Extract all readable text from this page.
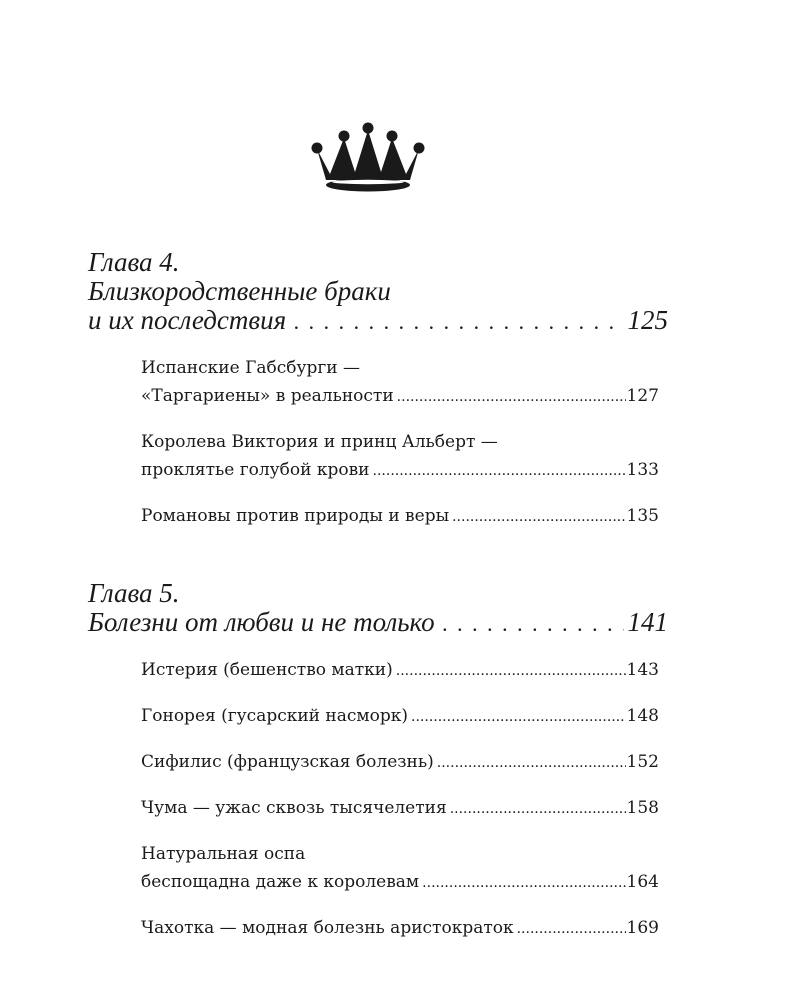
Глава 4.
Близкородственные браки
и их последствия . . .	125
Испанские Габсбурги —
«Таргариены» в реальности .....	127
Королева Виктория и принц Альберт —
проклятье голубой крови .....	133
Романовы против природы и веры .....	135
Глава 5.
Болезни от любви и не только . . .	141
Истерия (бешенство матки) .....	143
Гонорея (гусарский насморк) .....	148
Сифилис (французская болезнь) .....	152
Чума — ужас сквозь тысячелетия .....	158
Натуральная оспа
беспощадна даже к королевам .....	164
Чахотка — модная болезнь аристократок .....	169
